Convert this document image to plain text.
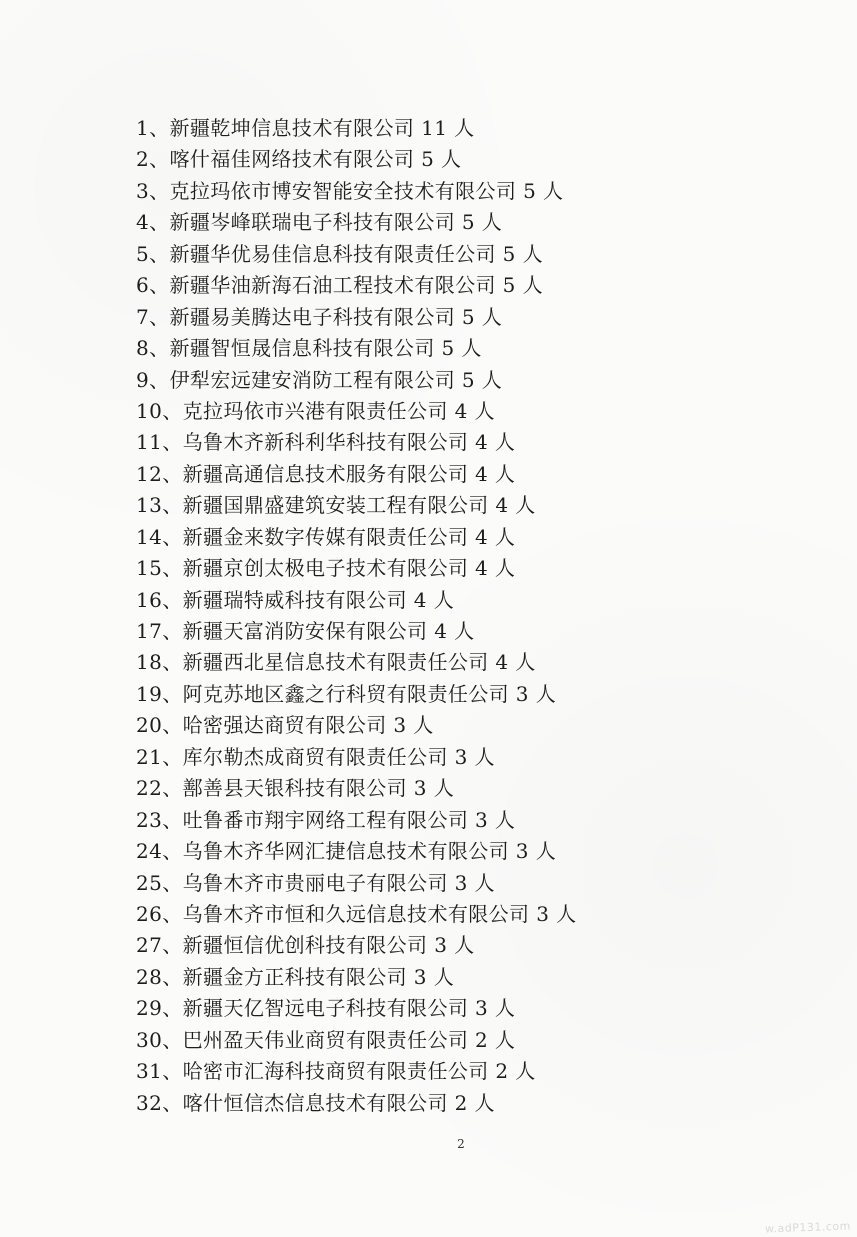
1、新疆乾坤信息技术有限公司 11 人
2、喀什福佳网络技术有限公司 5 人
3、克拉玛依市博安智能安全技术有限公司 5 人
4、新疆岑峰联瑞电子科技有限公司 5 人
5、新疆华优易佳信息科技有限责任公司 5 人
6、新疆华油新海石油工程技术有限公司 5 人
7、新疆易美腾达电子科技有限公司 5 人
8、新疆智恒晟信息科技有限公司 5 人
9、伊犁宏远建安消防工程有限公司 5 人
10、克拉玛依市兴港有限责任公司 4 人
11、乌鲁木齐新科利华科技有限公司 4 人
12、新疆高通信息技术服务有限公司 4 人
13、新疆国鼎盛建筑安装工程有限公司 4 人
14、新疆金来数字传媒有限责任公司 4 人
15、新疆京创太极电子技术有限公司 4 人
16、新疆瑞特威科技有限公司 4 人
17、新疆天富消防安保有限公司 4 人
18、新疆西北星信息技术有限责任公司 4 人
19、阿克苏地区鑫之行科贸有限责任公司 3 人
20、哈密强达商贸有限公司 3 人
21、库尔勒杰成商贸有限责任公司 3 人
22、鄯善县天银科技有限公司 3 人
23、吐鲁番市翔宇网络工程有限公司 3 人
24、乌鲁木齐华网汇捷信息技术有限公司 3 人
25、乌鲁木齐市贵丽电子有限公司 3 人
26、乌鲁木齐市恒和久远信息技术有限公司 3 人
27、新疆恒信优创科技有限公司 3 人
28、新疆金方正科技有限公司 3 人
29、新疆天亿智远电子科技有限公司 3 人
30、巴州盈天伟业商贸有限责任公司 2 人
31、哈密市汇海科技商贸有限责任公司 2 人
32、喀什恒信杰信息技术有限公司 2 人
2
w.adP131.com
